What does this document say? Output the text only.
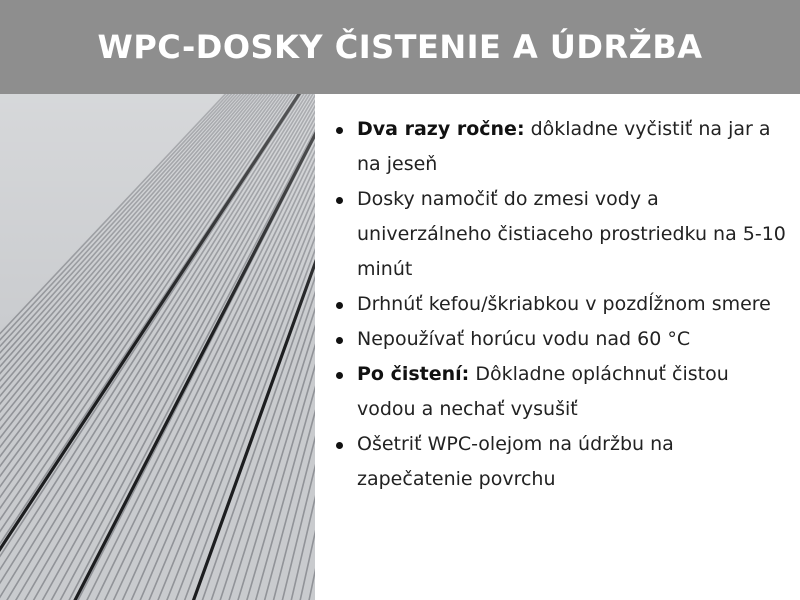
WPC-DOSKY ČISTENIE A ÚDRŽBA
Dva razy ročne: dôkladne vyčistiť na jar a na jeseň
Dosky namočiť do zmesi vody a univerzálneho čistiaceho prostriedku na 5-10 minút
Drhnúť kefou/škriabkou v pozdĺžnom smere
Nepoužívať horúcu vodu nad 60 °C
Po čistení: Dôkladne opláchnuť čistou vodou a nechať vysušiť
Ošetriť WPC-olejom na údržbu na zapečatenie povrchu
